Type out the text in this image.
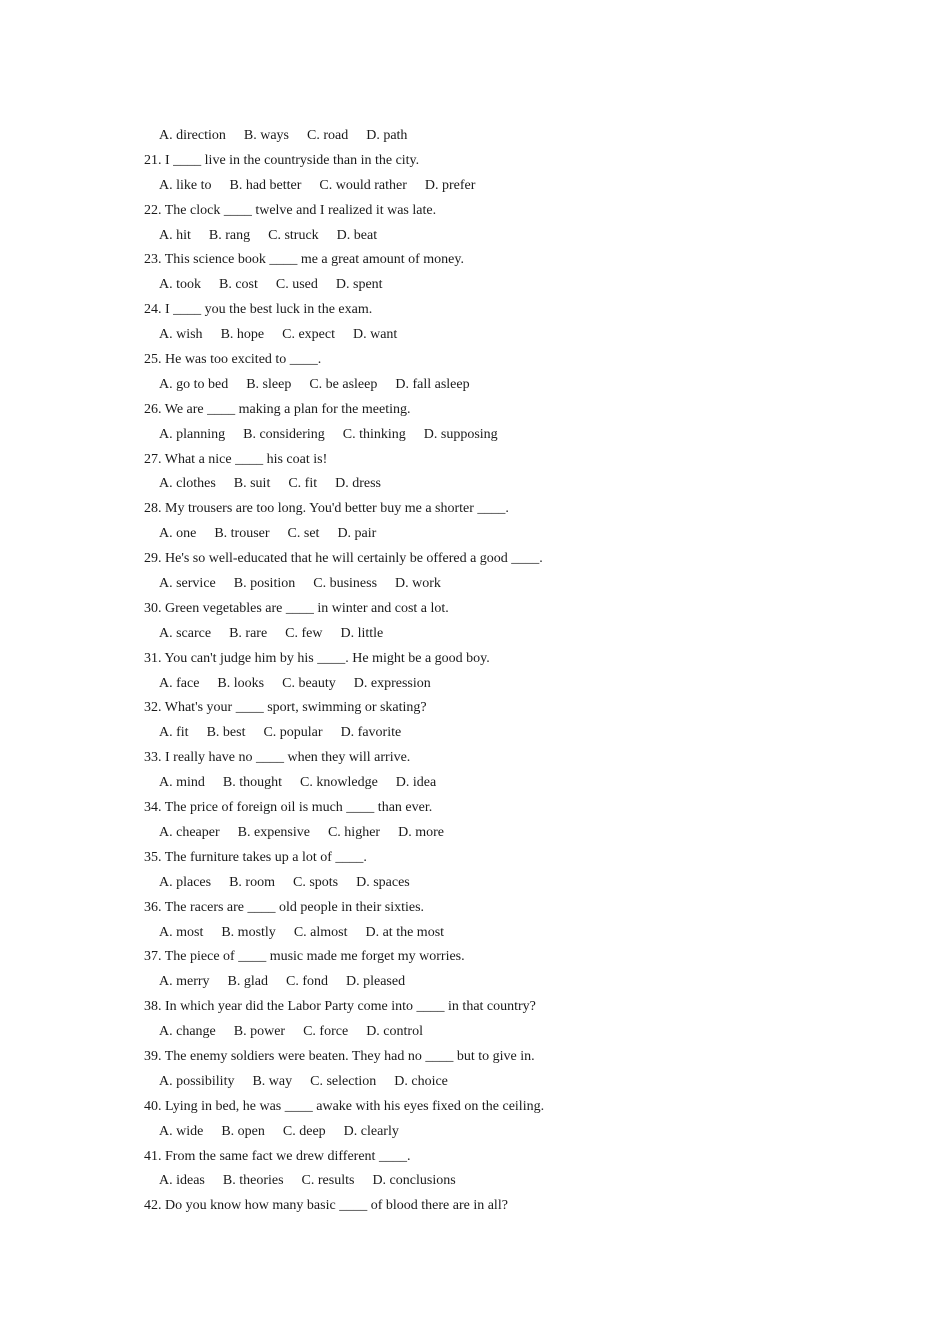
A. direction B. ways C. road D. path
21. I ____ live in the countryside than in the city.
A. like to B. had better C. would rather D. prefer
22. The clock ____ twelve and I realized it was late.
A. hit B. rang C. struck D. beat
23. This science book ____ me a great amount of money.
A. took B. cost C. used D. spent
24. I ____ you the best luck in the exam.
A. wish B. hope C. expect D. want
25. He was too excited to ____.
A. go to bed B. sleep C. be asleep D. fall asleep
26. We are ____ making a plan for the meeting.
A. planning B. considering C. thinking D. supposing
27. What a nice ____ his coat is!
A. clothes B. suit C. fit D. dress
28. My trousers are too long. You'd better buy me a shorter ____.
A. one B. trouser C. set D. pair
29. He's so well-educated that he will certainly be offered a good ____.
A. service B. position C. business D. work
30. Green vegetables are ____ in winter and cost a lot.
A. scarce B. rare C. few D. little
31. You can't judge him by his ____. He might be a good boy.
A. face B. looks C. beauty D. expression
32. What's your ____ sport, swimming or skating?
A. fit B. best C. popular D. favorite
33. I really have no ____ when they will arrive.
A. mind B. thought C. knowledge D. idea
34. The price of foreign oil is much ____ than ever.
A. cheaper B. expensive C. higher D. more
35. The furniture takes up a lot of ____.
A. places B. room C. spots D. spaces
36. The racers are ____ old people in their sixties.
A. most B. mostly C. almost D. at the most
37. The piece of ____ music made me forget my worries.
A. merry B. glad C. fond D. pleased
38. In which year did the Labor Party come into ____ in that country?
A. change B. power C. force D. control
39. The enemy soldiers were beaten. They had no ____ but to give in.
A. possibility B. way C. selection D. choice
40. Lying in bed, he was ____ awake with his eyes fixed on the ceiling.
A. wide B. open C. deep D. clearly
41. From the same fact we drew different ____.
A. ideas B. theories C. results D. conclusions
42. Do you know how many basic ____ of blood there are in all?
